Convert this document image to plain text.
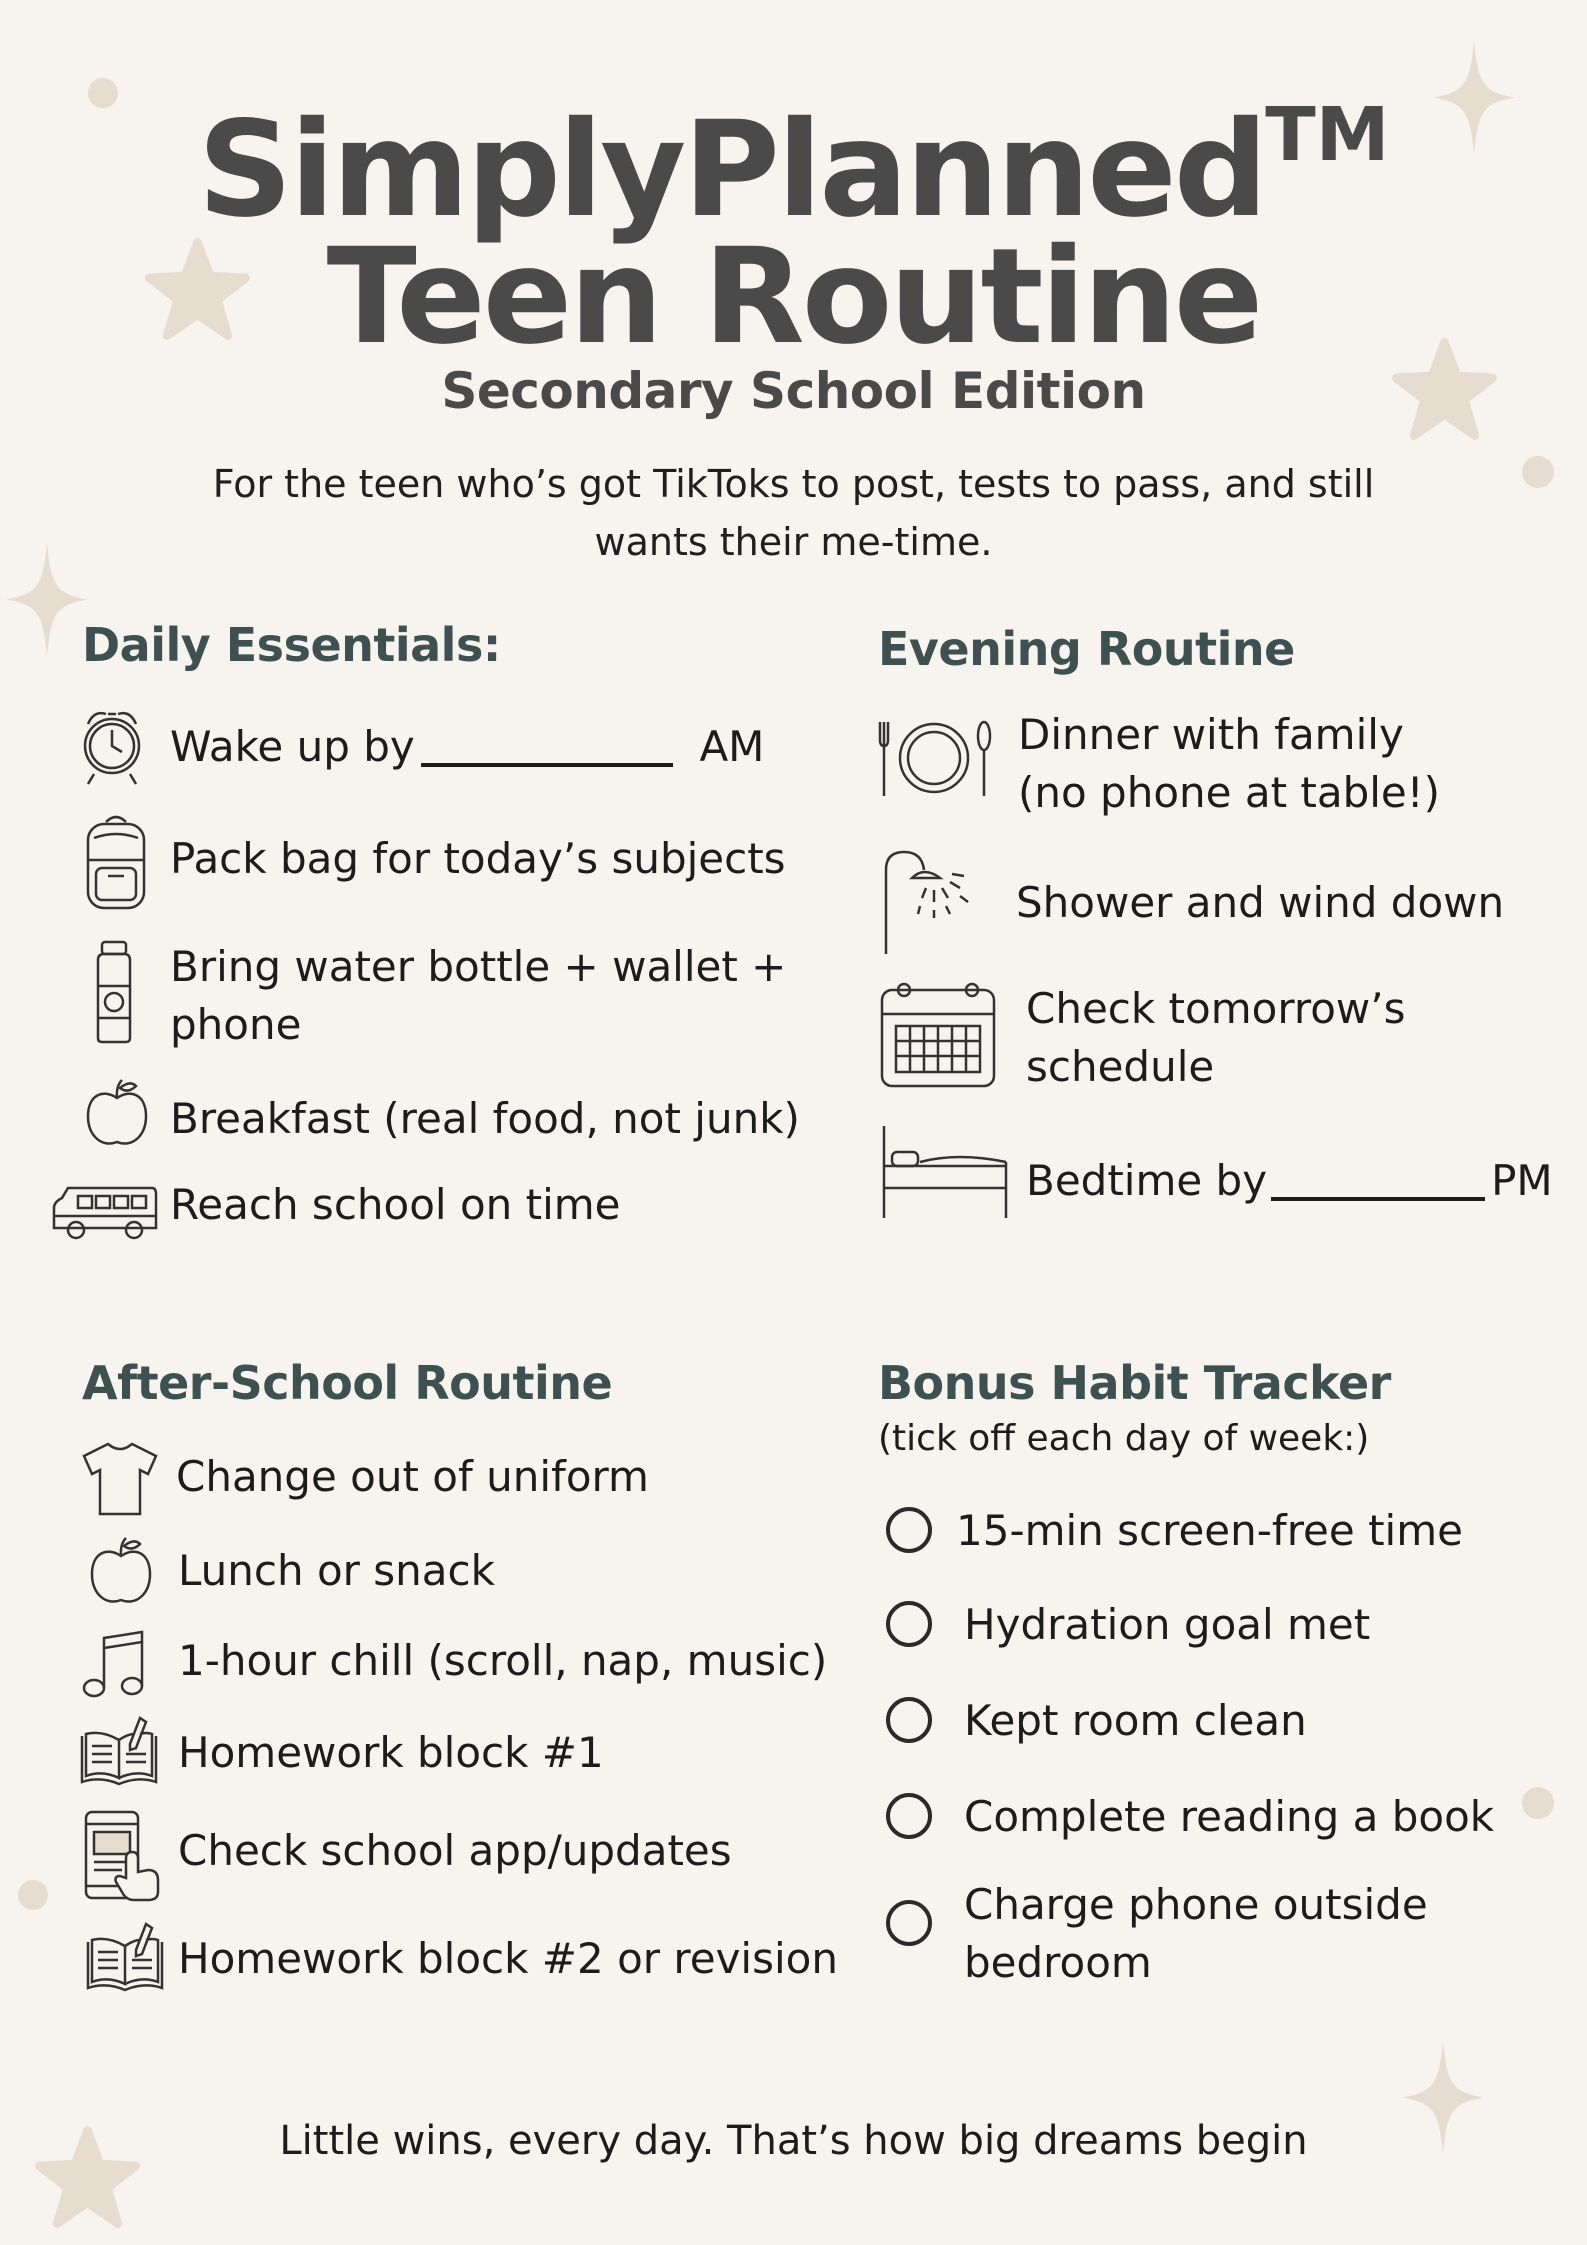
SimplyPlanned™
Teen Routine
Secondary School Edition
For the teen who’s got TikToks to post, tests to pass, and still wants their me-time.
Daily Essentials:
Wake up by	AM
Pack bag for today’s subjects
Bring water bottle + wallet +
phone
Breakfast (real food, not junk)
Reach school on time
Evening Routine
Dinner with family
(no phone at table!)
Shower and wind down
Check tomorrow’s
schedule
Bedtime by	PM
After-School Routine
Change out of uniform
Lunch or snack
1-hour chill (scroll, nap, music)
Homework block #1
Check school app/updates
Homework block #2 or revision
Bonus Habit Tracker
(tick off each day of week:)
15-min screen-free time
Hydration goal met
Kept room clean
Complete reading a book
Charge phone outside
bedroom
Little wins, every day. That’s how big dreams begin
